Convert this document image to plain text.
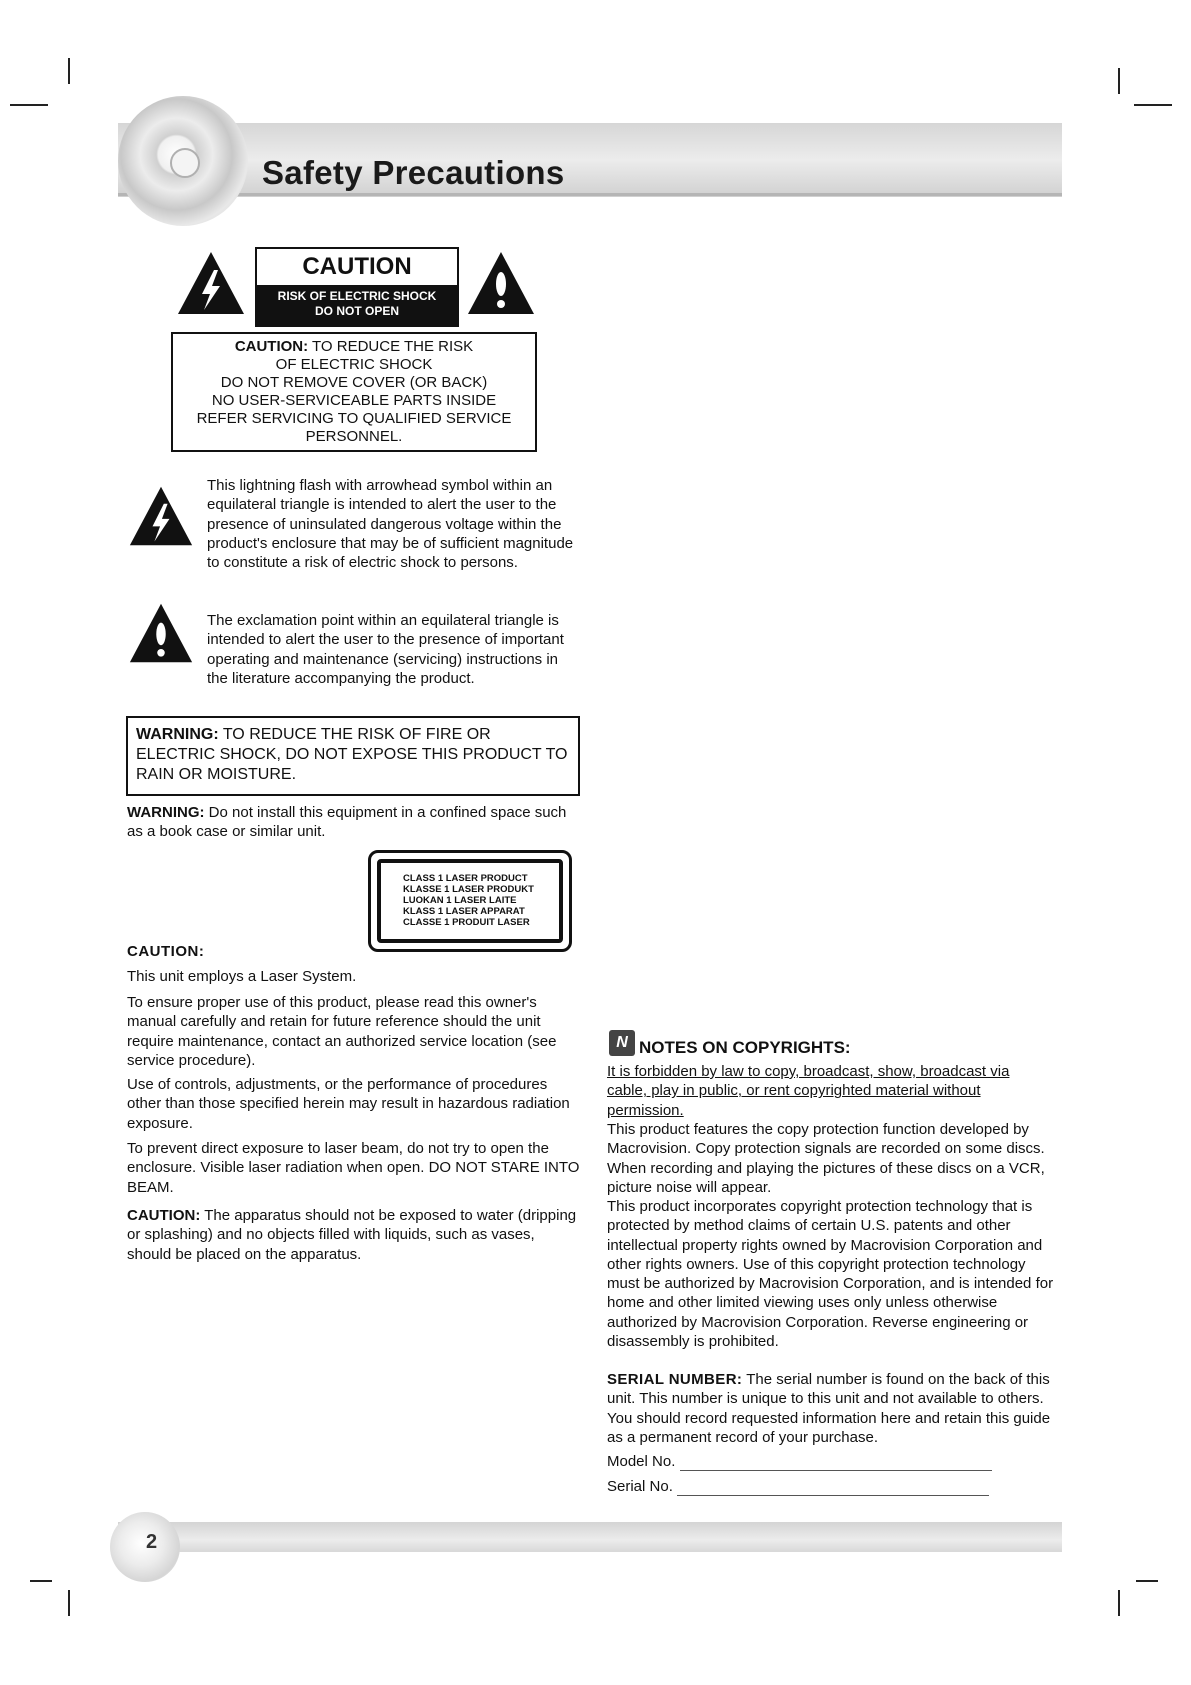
Safety Precautions
CAUTION
RISK OF ELECTRIC SHOCK
DO NOT OPEN
CAUTION: TO REDUCE THE RISK
OF ELECTRIC SHOCK
DO NOT REMOVE COVER (OR BACK)
NO USER-SERVICEABLE PARTS INSIDE
REFER SERVICING TO QUALIFIED SERVICE
PERSONNEL.
This lightning flash with arrowhead symbol within an equilateral triangle is intended to alert the user to the presence of uninsulated dangerous voltage within the product's enclosure that may be of sufficient magnitude to constitute a risk of electric shock to persons.
The exclamation point within an equilateral triangle is intended to alert the user to the presence of important operating and maintenance (servicing) instructions in the literature accompanying the product.
WARNING: TO REDUCE THE RISK OF FIRE OR ELECTRIC SHOCK, DO NOT EXPOSE THIS PRODUCT TO RAIN OR MOISTURE.
WARNING: Do not install this equipment in a confined space such as a book case or similar unit.
CLASS 1 LASER PRODUCT
KLASSE 1 LASER PRODUKT
LUOKAN 1 LASER LAITE
KLASS 1 LASER APPARAT
CLASSE 1 PRODUIT LASER
CAUTION:
This unit employs a Laser System.
To ensure proper use of this product, please read this owner's manual carefully and retain for future reference should the unit require maintenance, contact an authorized service location (see service procedure).
Use of controls, adjustments, or the performance of procedures other than those specified herein may result in hazardous radiation exposure.
To prevent direct exposure to laser beam, do not try to open the enclosure. Visible laser radiation when open. DO NOT STARE INTO BEAM.
CAUTION: The apparatus should not be exposed to water (dripping or splashing) and no objects filled with liquids, such as vases, should be placed on the apparatus.
N NOTES ON COPYRIGHTS:
It is forbidden by law to copy, broadcast, show, broadcast via cable, play in public, or rent copyrighted material without permission.
This product features the copy protection function developed by Macrovision. Copy protection signals are recorded on some discs. When recording and playing the pictures of these discs on a VCR, picture noise will appear.
This product incorporates copyright protection technology that is protected by method claims of certain U.S. patents and other intellectual property rights owned by Macrovision Corporation and other rights owners. Use of this copyright protection technology must be authorized by Macrovision Corporation, and is intended for home and other limited viewing uses only unless otherwise authorized by Macrovision Corporation. Reverse engineering or disassembly is prohibited.
SERIAL NUMBER: The serial number is found on the back of this unit. This number is unique to this unit and not available to others. You should record requested information here and retain this guide as a permanent record of your purchase.
Model No.
Serial No.
2
